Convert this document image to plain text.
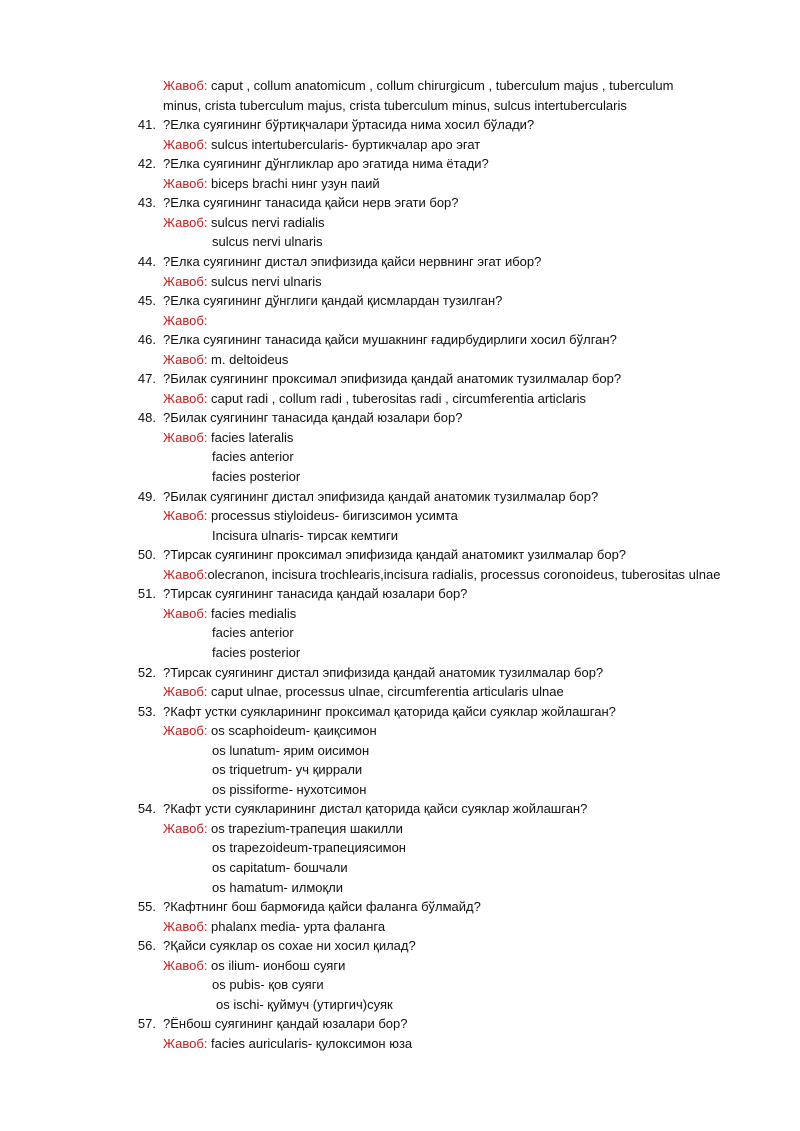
Жавоб: caput , collum anatomicum , collum chirurgicum , tuberculum majus , tuberculum
minus, crista tuberculum majus, crista tuberculum minus, sulcus intertubercularis
41. ?Елка суягининг бўртиқчалари ўртасида нима хосил бўлади?
Жавоб: sulcus intertubercularis- буртикчалар аро эгат
42. ?Елка суягининг дўнгликлар аро эгатида нима ётади?
Жавоб: biceps brachi нинг узун паий
43. ?Елка суягининг танасида қайси нерв эгати бор?
Жавоб: sulcus nervi radialis
sulcus nervi ulnaris
44. ?Елка суягининг дистал эпифизида қайси нервнинг эгат ибор?
Жавоб: sulcus nervi ulnaris
45. ?Елка суягининг дўнглиги қандай қисмлардан тузилган?
Жавоб:
46. ?Елка суягининг танасида қайси мушакнинг ғадирбудирлиги хосил бўлган?
Жавоб: m. deltoideus
47. ?Билак суягининг проксимал эпифизида қандай анатомик тузилмалар бор?
Жавоб: caput radi , collum radi , tuberositas radi , circumferentia articlaris
48. ?Билак суягининг танасида қандай юзалари бор?
Жавоб: facies lateralis
facies anterior
facies posterior
49. ?Билак суягининг дистал эпифизида қандай анатомик тузилмалар бор?
Жавоб: processus stiyloideus- бигизсимон усимта
Incisura ulnaris- тирсак кемтиги
50. ?Тирсак суягининг проксимал эпифизида қандай анатомикт узилмалар бор?
Жавоб:olecranon, incisura trochlearis,incisura radialis, processus coronoideus, tuberositas ulnae
51. ?Тирсак суягининг танасида қандай юзалари бор?
Жавоб: facies medialis
facies anterior
facies posterior
52. ?Тирсак суягининг дистал эпифизида қандай анатомик тузилмалар бор?
Жавоб: caput ulnae, processus ulnae, circumferentia articularis ulnae
53. ?Кафт устки суякларининг проксимал қаторида қайси суяклар жойлашган?
Жавоб: os scaphoideum- қаиқсимон
os lunatum- ярим оисимон
os triquetrum- уч қиррали
os pissiforme- нухотсимон
54. ?Кафт усти суякларининг дистал қаторида қайси суяклар жойлашган?
Жавоб: os trapezium-трапеция шакилли
os trapezoideum-трапециясимон
os capitatum- бошчали
os hamatum- илмоқли
55. ?Кафтнинг бош бармоғида қайси фаланга бўлмайд?
Жавоб: phalanx media- урта фаланга
56. ?Қайси суяклар os сохае ни хосил қилад?
Жавоб: os ilium- ионбош суяги
os pubis- қов суяги
os ischi- қуймуч (утиргич)суяк
57. ?Ёнбош суягининг қандай юзалари бор?
Жавоб: facies auricularis- қулоксимон юза
